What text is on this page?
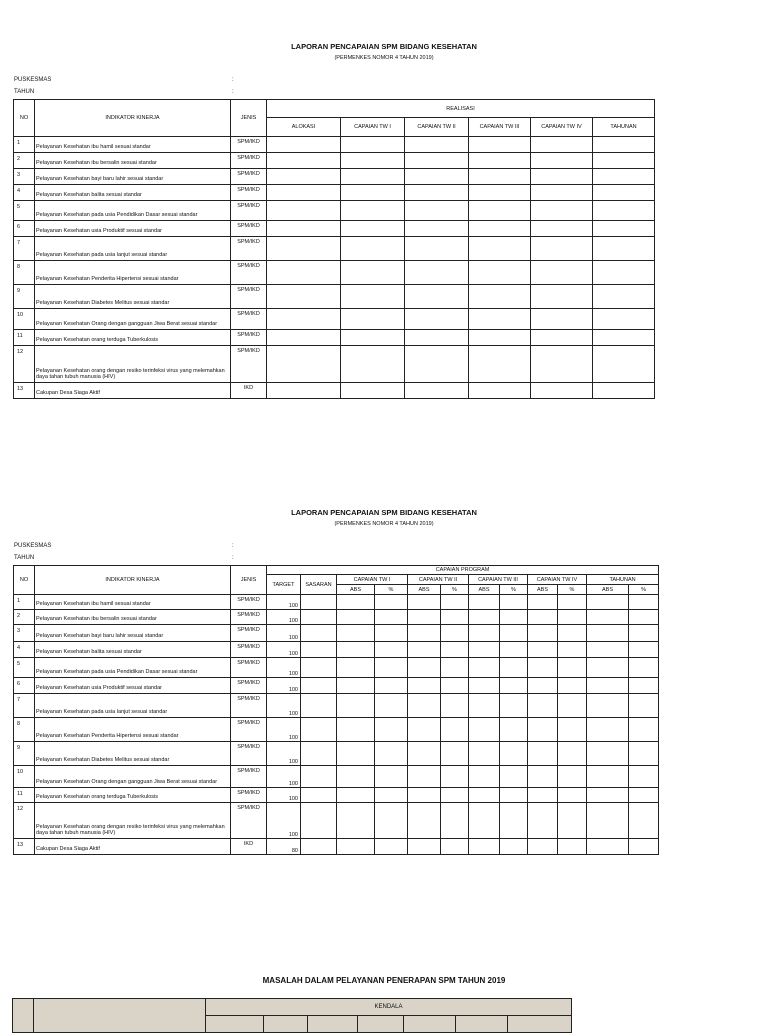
LAPORAN PENCAPAIAN SPM BIDANG KESEHATAN
(PERMENKES NOMOR 4 TAHUN 2019)
PUSKESMAS	:
TAHUN	:
NO	INDIKATOR KINERJA	JENIS	REALISASI					
			ALOKASI	CAPAIAN TW I	CAPAIAN TW II	CAPAIAN TW III	CAPAIAN TW IV	TAHUNAN
1	Pelayanan Kesehatan ibu hamil sesuai standar	SPM/IKD						
2	Pelayanan Kesehatan ibu bersalin sesuai standar	SPM/IKD						
3	Pelayanan Kesehatan bayi baru lahir sesuai standar	SPM/IKD						
4	Pelayanan Kesehatan balita sesuai standar	SPM/IKD						
5	Pelayanan Kesehatan pada usia Pendidikan Dasar sesuai standar	SPM/IKD						
6	Pelayanan Kesehatan usia Produktif sesuai standar	SPM/IKD						
7	Pelayanan Kesehatan pada usia lanjut sesuai standar	SPM/IKD						
8	Pelayanan Kesehatan Penderita Hipertensi sesuai standar	SPM/IKD						
9	Pelayanan Kesehatan Diabetes Melitus sesuai standar	SPM/IKD						
10	Pelayanan Kesehatan Orang dengan gangguan Jiwa Berat sesuai standar	SPM/IKD						
11	Pelayanan Kesehatan orang terduga Tuberkulosis	SPM/IKD						
12	Pelayanan Kesehatan orang dengan resiko terinfeksi virus yang melemahkan daya tahan tubuh manusia (HIV)	SPM/IKD						
13	Cakupan Desa Siaga Aktif	IKD						
LAPORAN PENCAPAIAN SPM BIDANG KESEHATAN
(PERMENKES NOMOR 4 TAHUN 2019)
PUSKESMAS	:
TAHUN	:
NO	INDIKATOR KINERJA	JENIS	CAPAIAN PROGRAM											
			TARGET	SASARAN	CAPAIAN TW I		CAPAIAN TW II		CAPAIAN TW III		CAPAIAN TW IV		TAHUNAN	
					ABS	%	ABS	%	ABS	%	ABS	%	ABS	%
1	Pelayanan Kesehatan ibu hamil sesuai standar	SPM/IKD	100											
2	Pelayanan Kesehatan ibu bersalin sesuai standar	SPM/IKD	100											
3	Pelayanan Kesehatan bayi baru lahir sesuai standar	SPM/IKD	100											
4	Pelayanan Kesehatan balita sesuai standar	SPM/IKD	100											
5	Pelayanan Kesehatan pada usia Pendidikan Dasar sesuai standar	SPM/IKD	100											
6	Pelayanan Kesehatan usia Produktif sesuai standar	SPM/IKD	100											
7	Pelayanan Kesehatan pada usia lanjut sesuai standar	SPM/IKD	100											
8	Pelayanan Kesehatan Penderita Hipertensi sesuai standar	SPM/IKD	100											
9	Pelayanan Kesehatan Diabetes Melitus sesuai standar	SPM/IKD	100											
10	Pelayanan Kesehatan Orang dengan gangguan Jiwa Berat sesuai standar	SPM/IKD	100											
11	Pelayanan Kesehatan orang terduga Tuberkulosis	SPM/IKD	100											
12	Pelayanan Kesehatan orang dengan resiko terinfeksi virus yang melemahkan daya tahan tubuh manusia (HIV)	SPM/IKD	100											
13	Cakupan Desa Siaga Aktif	IKD	80											
MASALAH DALAM PELAYANAN PENERAPAN SPM TAHUN 2019
		KENDALA						
